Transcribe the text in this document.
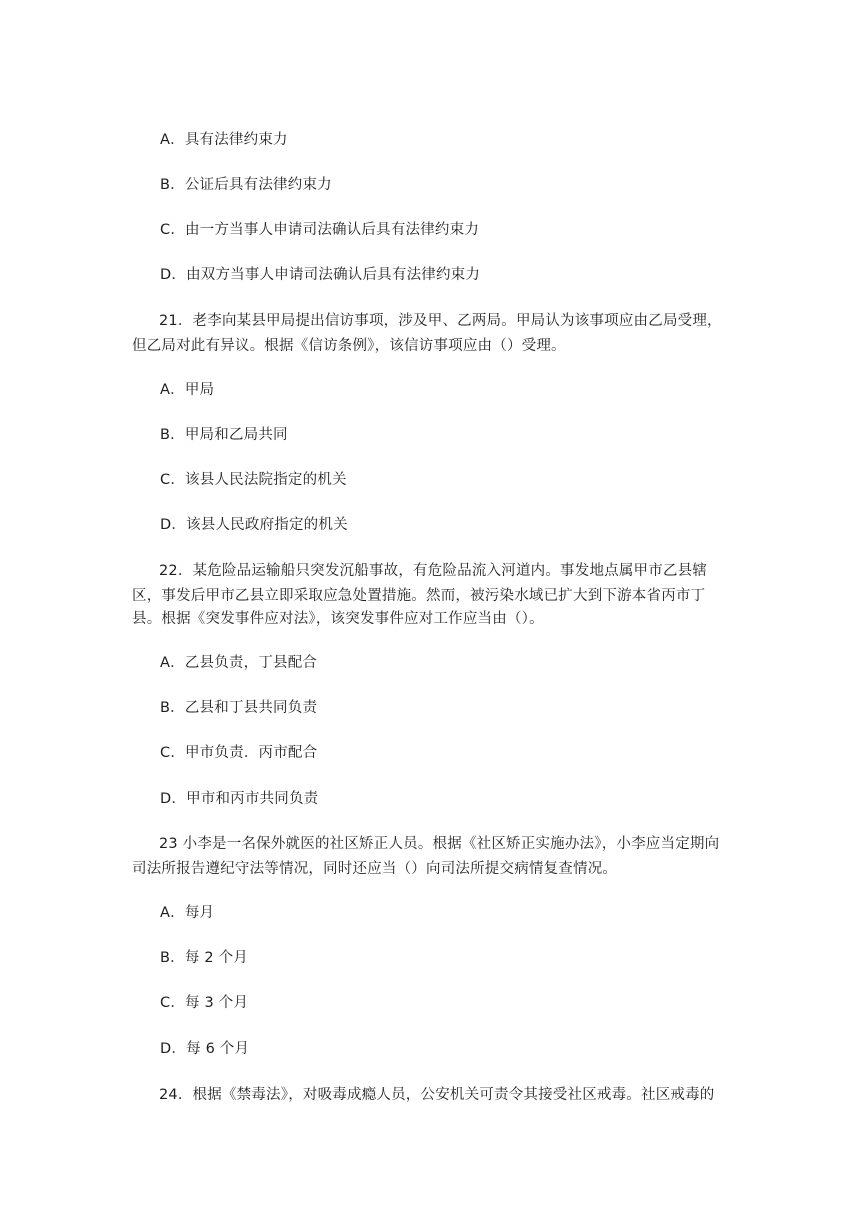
A．具有法律约束力
B．公证后具有法律约束力
C．由一方当事人申请司法确认后具有法律约束力
D．由双方当事人申请司法确认后具有法律约束力
21．老李向某县甲局提出信访事项，涉及甲、乙两局。甲局认为该事项应由乙局受理，
但乙局对此有异议。根据《信访条例》，该信访事项应由（）受理。
A．甲局
B．甲局和乙局共同
C．该县人民法院指定的机关
D．该县人民政府指定的机关
22．某危险品运输船只突发沉船事故，有危险品流入河道内。事发地点属甲市乙县辖
区，事发后甲市乙县立即采取应急处置措施。然而，被污染水域已扩大到下游本省丙市丁
县。根据《突发事件应对法》，该突发事件应对工作应当由（）。
A．乙县负责，丁县配合
B．乙县和丁县共同负责
C．甲市负责．丙市配合
D．甲市和丙市共同负责
23 小李是一名保外就医的社区矫正人员。根据《社区矫正实施办法》，小李应当定期向
司法所报告遵纪守法等情况，同时还应当（）向司法所提交病情复查情况。
A．每月
B．每 2 个月
C．每 3 个月
D．每 6 个月
24．根据《禁毒法》，对吸毒成瘾人员，公安机关可责令其接受社区戒毒。社区戒毒的
